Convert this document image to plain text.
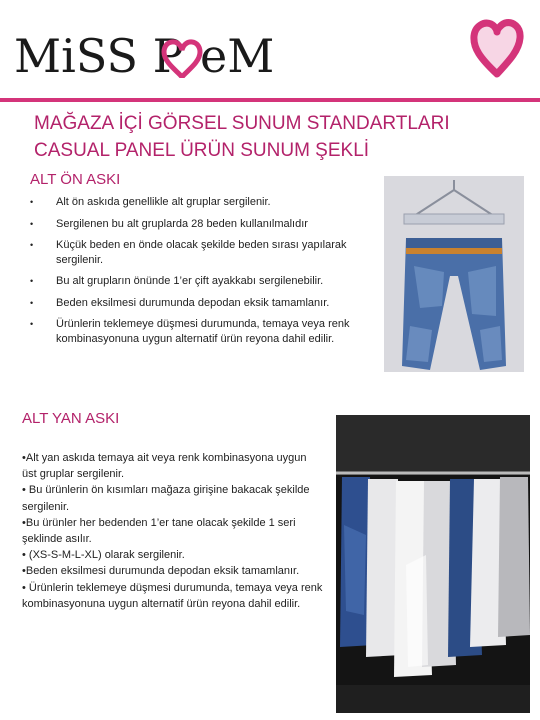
MiSS P eM
MAĞAZA İÇİ GÖRSEL SUNUM STANDARTLARI
CASUAL PANEL ÜRÜN SUNUM ŞEKLİ
ALT ÖN ASKI
• Alt ön askıda genellikle alt gruplar sergilenir.
• Sergilenen bu alt gruplarda 28 beden kullanılmalıdır
• Küçük beden en önde olacak şekilde beden sırası yapılarak sergilenir.
• Bu alt grupların önünde 1’er çift ayakkabı sergilenebilir.
• Beden eksilmesi durumunda depodan eksik tamamlanır.
• Ürünlerin teklemeye düşmesi durumunda, temaya veya renk kombinasyonuna uygun alternatif ürün reyona dahil edilir.
ALT YAN ASKI

•Alt yan askıda temaya ait veya renk kombinasyona uygun üst gruplar sergilenir.

• Bu ürünlerin ön kısımları mağaza girişine bakacak şekilde sergilenir.

•Bu ürünler her bedenden 1’er tane olacak şekilde 1 seri şeklinde asılır.

• (XS-S-M-L-XL) olarak sergilenir.

•Beden eksilmesi durumunda depodan eksik tamamlanır.

• Ürünlerin teklemeye düşmesi durumunda, temaya veya renk kombinasyonuna uygun alternatif ürün reyona dahil edilir.
